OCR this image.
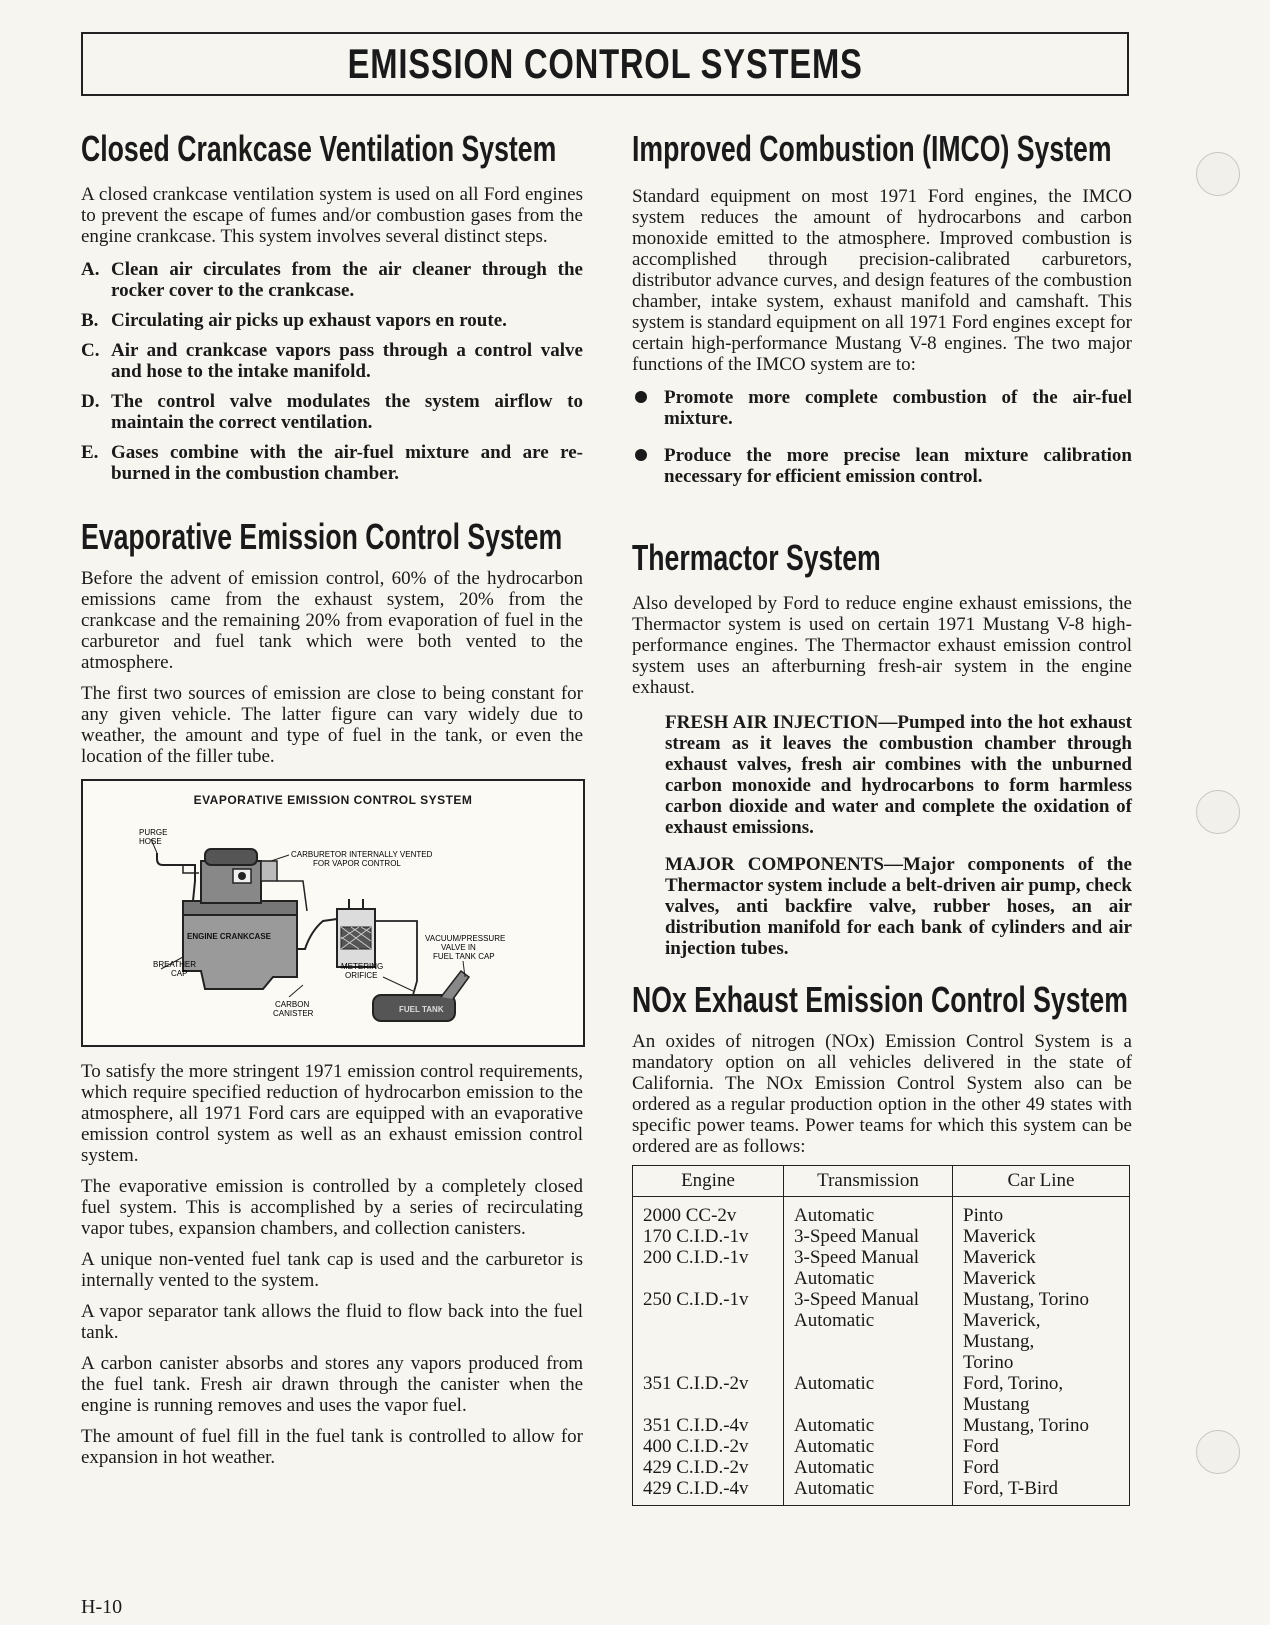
EMISSION CONTROL SYSTEMS
Closed Crankcase Ventilation System

A closed crankcase ventilation system is used on all Ford engines to prevent the escape of fumes and/or combustion gases from the engine crankcase. This system involves several distinct steps.

A. Clean air circulates from the air cleaner through the rocker cover to the crankcase.
B. Circulating air picks up exhaust vapors en route.
C. Air and crankcase vapors pass through a control valve and hose to the intake manifold.
D. The control valve modulates the system airflow to maintain the correct ventilation.
E. Gases combine with the air-fuel mixture and are re-burned in the combustion chamber.
Evaporative Emission Control System

Before the advent of emission control, 60% of the hydrocarbon emissions came from the exhaust system, 20% from the crankcase and the remaining 20% from evaporation of fuel in the carburetor and fuel tank which were both vented to the atmosphere.

The first two sources of emission are close to being constant for any given vehicle. The latter figure can vary widely due to weather, the amount and type of fuel in the tank, or even the location of the filler tube.

EVAPORATIVE EMISSION CONTROL SYSTEM
PURGE
HOSE
CARBURETOR INTERNALLY VENTED
FOR VAPOR CONTROL
ENGINE CRANKCASE
BREATHER
CAP
VACUUM/PRESSURE
VALVE IN
FUEL TANK CAP
METERING
ORIFICE
CARBON
CANISTER	FUEL TANK

To satisfy the more stringent 1971 emission control requirements, which require specified reduction of hydrocarbon emission to the atmosphere, all 1971 Ford cars are equipped with an evaporative emission control system as well as an exhaust emission control system.

The evaporative emission is controlled by a completely closed fuel system. This is accomplished by a series of recirculating vapor tubes, expansion chambers, and collection canisters.

A unique non-vented fuel tank cap is used and the carburetor is internally vented to the system.

A vapor separator tank allows the fluid to flow back into the fuel tank.

A carbon canister absorbs and stores any vapors produced from the fuel tank. Fresh air drawn through the canister when the engine is running removes and uses the vapor fuel.

The amount of fuel fill in the fuel tank is controlled to allow for expansion in hot weather.

Improved Combustion (IMCO) System

Standard equipment on most 1971 Ford engines, the IMCO system reduces the amount of hydrocarbons and carbon monoxide emitted to the atmosphere. Improved combustion is accomplished through precision-calibrated carburetors, distributor advance curves, and design features of the combustion chamber, intake system, exhaust manifold and camshaft. This system is standard equipment on all 1971 Ford engines except for certain high-performance Mustang V-8 engines. The two major functions of the IMCO system are to:

Promote more complete combustion of the air-fuel mixture.
Produce the more precise lean mixture calibration necessary for efficient emission control.
Thermactor System

Also developed by Ford to reduce engine exhaust emissions, the Thermactor system is used on certain 1971 Mustang V-8 high-performance engines. The Thermactor exhaust emission control system uses an afterburning fresh-air system in the engine exhaust.

FRESH AIR INJECTION—Pumped into the hot exhaust stream as it leaves the combustion chamber through exhaust valves, fresh air combines with the unburned carbon monoxide and hydrocarbons to form harmless carbon dioxide and water and complete the oxidation of exhaust emissions.

MAJOR COMPONENTS—Major components of the Thermactor system include a belt-driven air pump, check valves, anti backfire valve, rubber hoses, an air distribution manifold for each bank of cylinders and air injection tubes.

NOx Exhaust Emission Control System

An oxides of nitrogen (NOx) Emission Control System is a mandatory option on all vehicles delivered in the state of California. The NOx Emission Control System also can be ordered as a regular production option in the other 49 states with specific power teams. Power teams for which this system can be ordered are as follows:

Engine	Transmission	Car Line
2000 CC-2v	Automatic	Pinto
170 C.I.D.-1v	3-Speed Manual	Maverick
200 C.I.D.-1v	3-Speed Manual	Maverick
	Automatic	Maverick
250 C.I.D.-1v	3-Speed Manual	Mustang, Torino
	Automatic	Maverick,
		Mustang,
		Torino
351 C.I.D.-2v	Automatic	Ford, Torino,
		Mustang
351 C.I.D.-4v	Automatic	Mustang, Torino
400 C.I.D.-2v	Automatic	Ford
429 C.I.D.-2v	Automatic	Ford
429 C.I.D.-4v	Automatic	Ford, T-Bird
H-10
